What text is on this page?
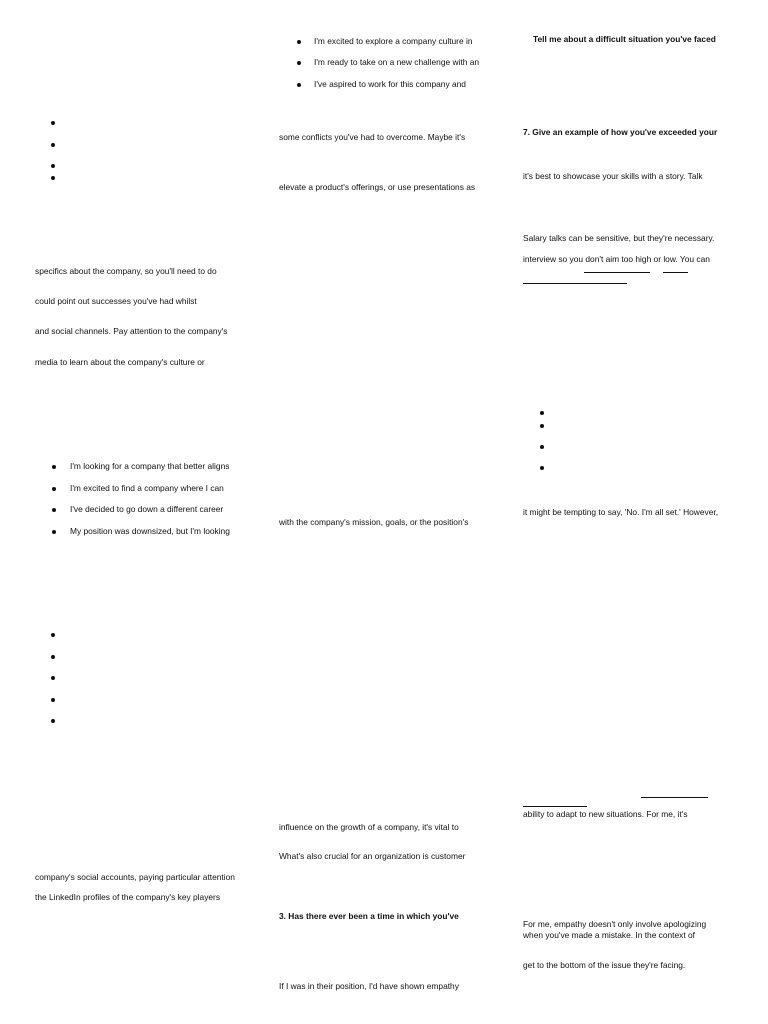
specifics about the company, so you'll need to do
could point out successes you've had whilst
and social channels. Pay attention to the company's
media to learn about the company's culture or
I'm looking for a company that better aligns
I'm excited to find a company where I can
I've decided to go down a different career
My position was downsized, but I'm looking
company's social accounts, paying particular attention
the LinkedIn profiles of the company's key players
I'm excited to explore a company culture in
I'm ready to take on a new challenge with an
I've aspired to work for this company and
some conflicts you've had to overcome. Maybe it's
elevate a product's offerings, or use presentations as
with the company's mission, goals, or the position's
influence on the growth of a company, it's vital to
What's also crucial for an organization is customer
3. Has there ever been a time in which you've
If I was in their position, I'd have shown empathy
Tell me about a difficult situation you've faced
7. Give an example of how you've exceeded your
it's best to showcase your skills with a story. Talk
Salary talks can be sensitive, but they're necessary.
interview so you don't aim too high or low. You can
it might be tempting to say, 'No. I'm all set.' However,
ability to adapt to new situations. For me, it's
For me, empathy doesn't only involve apologizing
when you've made a mistake. In the context of
get to the bottom of the issue they're facing.
